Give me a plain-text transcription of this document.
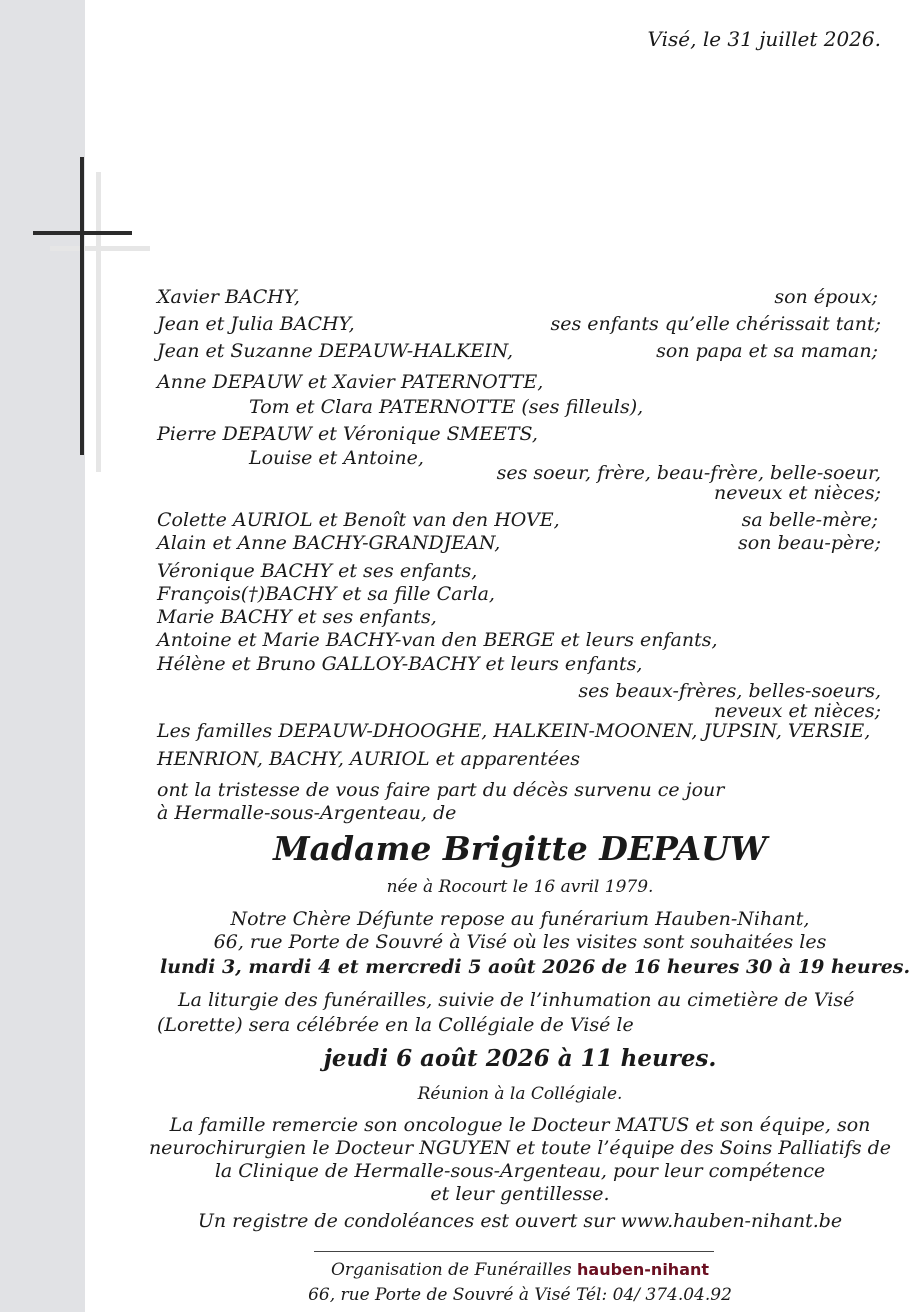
Visé, le 31 juillet 2026.
Xavier BACHY,	son époux;
Jean et Julia BACHY,	ses enfants qu’elle chérissait tant;
Jean et Suzanne DEPAUW-HALKEIN,	son papa et sa maman;
Anne DEPAUW et Xavier PATERNOTTE,
Tom et Clara PATERNOTTE (ses filleuls),
Pierre DEPAUW et Véronique SMEETS,
Louise et Antoine,
ses soeur, frère, beau-frère, belle-soeur,
neveux et nièces;
Colette AURIOL et Benoît van den HOVE,	sa belle-mère;
Alain et Anne BACHY-GRANDJEAN,	son beau-père;
Véronique BACHY et ses enfants,
François(†)BACHY et sa fille Carla,
Marie BACHY et ses enfants,
Antoine et Marie BACHY-van den BERGE et leurs enfants,
Hélène et Bruno GALLOY-BACHY et leurs enfants,
ses beaux-frères, belles-soeurs,
neveux et nièces;
Les familles DEPAUW-DHOOGHE, HALKEIN-MOONEN, JUPSIN, VERSIE,
HENRION, BACHY, AURIOL et apparentées
ont la tristesse de vous faire part du décès survenu ce jour
à Hermalle-sous-Argenteau, de
Madame Brigitte DEPAUW
née à Rocourt le 16 avril 1979.
Notre Chère Défunte repose au funérarium Hauben-Nihant,
66, rue Porte de Souvré à Visé où les visites sont souhaitées les
lundi 3, mardi 4 et mercredi 5 août 2026 de 16 heures 30 à 19 heures.
La liturgie des funérailles, suivie de l’inhumation au cimetière de Visé
(Lorette) sera célébrée en la Collégiale de Visé le
jeudi 6 août 2026 à 11 heures.
Réunion à la Collégiale.
La famille remercie son oncologue le Docteur MATUS et son équipe, son
neurochirurgien le Docteur NGUYEN et toute l’équipe des Soins Palliatifs de
la Clinique de Hermalle-sous-Argenteau, pour leur compétence
et leur gentillesse.
Un registre de condoléances est ouvert sur www.hauben-nihant.be
Organisation de Funérailles hauben-nihant
66, rue Porte de Souvré à Visé Tél: 04/ 374.04.92
